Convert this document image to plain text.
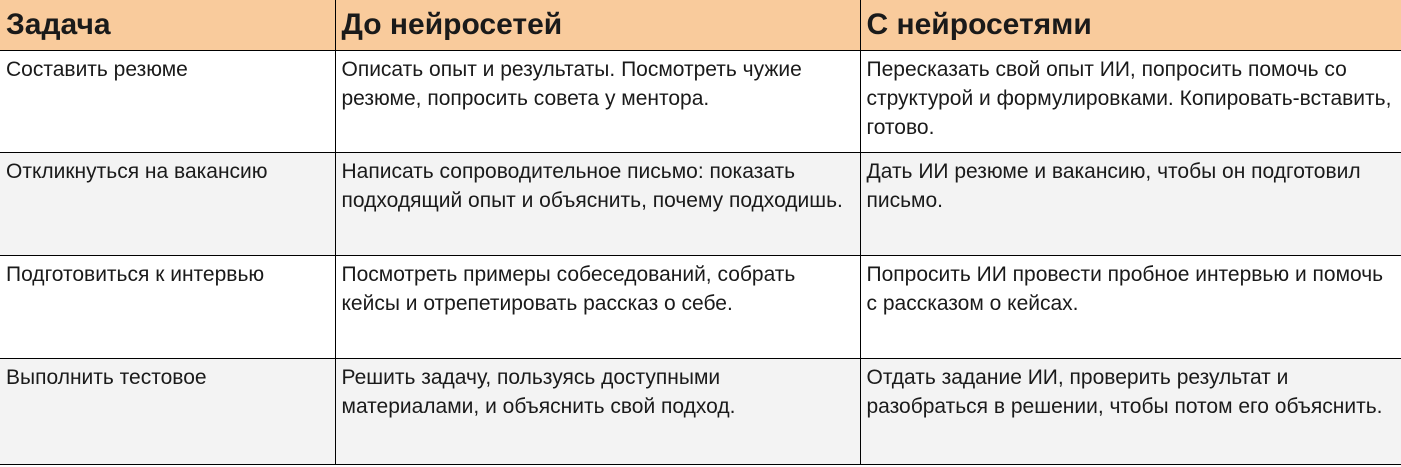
Задача	До нейросетей	С нейросетями
Составить резюме	Описать опыт и результаты. Посмотреть чужие резюме, попросить совета у ментора.	Пересказать свой опыт ИИ, попросить помочь со структурой и формулировками. Копировать-вставить, готово.
Откликнуться на вакансию	Написать сопроводительное письмо: показать подходящий опыт и объяснить, почему подходишь.	Дать ИИ резюме и вакансию, чтобы он подготовил письмо.
Подготовиться к интервью	Посмотреть примеры собеседований, собрать кейсы и отрепетировать рассказ о себе.	Попросить ИИ провести пробное интервью и помочь с рассказом о кейсах.
Выполнить тестовое	Решить задачу, пользуясь доступными материалами, и объяснить свой подход.	Отдать задание ИИ, проверить результат и разобраться в решении, чтобы потом его объяснить.
